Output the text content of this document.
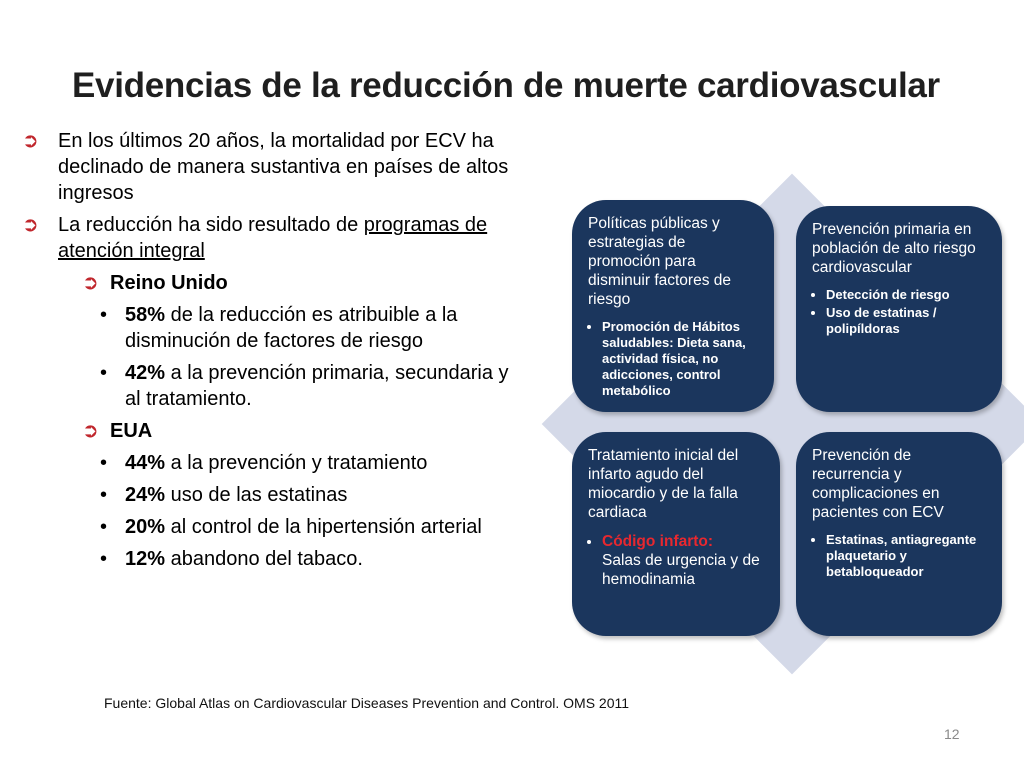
Evidencias de la reducción de muerte cardiovascular
➲ En los últimos 20 años, la mortalidad por ECV ha declinado de manera sustantiva en países de altos ingresos
➲ La reducción ha sido resultado de programas de atención integral
➲ Reino Unido
• 58% de la reducción es atribuible a la disminución de factores de riesgo
• 42% a la prevención primaria, secundaria y al tratamiento.
➲ EUA
• 44% a la prevención y tratamiento
• 24% uso de las estatinas
• 20% al control de la hipertensión arterial
• 12% abandono del tabaco.
Políticas públicas y estrategias de promoción para disminuir factores de riesgo
• Promoción de Hábitos saludables: Dieta sana, actividad física, no adicciones, control metabólico
Prevención primaria en población de alto riesgo cardiovascular
• Detección de riesgo
• Uso de estatinas / polipíldoras
Tratamiento inicial del infarto agudo del miocardio y de la falla cardiaca
• Código infarto:
Salas de urgencia y de hemodinamia
Prevención de recurrencia y complicaciones en pacientes con ECV
• Estatinas, antiagregante plaquetario y betabloqueador
Fuente: Global Atlas on Cardiovascular Diseases Prevention and Control. OMS 2011
12
